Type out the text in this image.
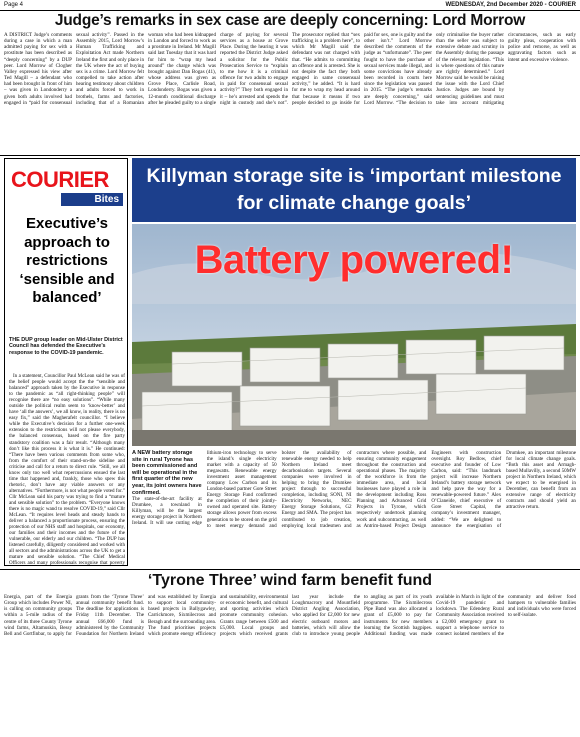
Page 4	WEDNESDAY, 2nd December 2020 - COURIER
Judge’s remarks in sex case are deeply concerning: Lord Morrow

A DISTRICT Judge’s comments during a case in which a man admitted paying for sex with a prostitute has been described as “deeply concerning” by a DUP peer. Lord Morrow of Clogher Valley expressed his view after Ted Magill – a defendant who had been brought in front of him – was given in Londonderry a given both adults involved had engaged in “paid for consensual sexual activity”. Passed in the Assembly 2015, Lord Morrow’s Human Trafficking and Exploitation Act made Northern Ireland the first and only place in the UK where the act of buying sex is a crime. Lord Morrow felt compelled to take action after hearing testimony about children and adults forced to work in brothels, farms and factories, including that of a Romanian woman who had been kidnapped in London and forced to work as a prostitute in Ireland. Mr Magill said last Tuesday that it was hard for him to “wrap my head around” the charge which was brought against Dan Bogas (41), whose address was given as Grove Place, Carlisle Road, Londonderry. Bogas was given a 12-month conditional discharge after he pleaded guilty to a single charge of paying for several services as a house at Grove Place. During the hearing it was reported the District Judge asked a solicitor for the Public Prosecution Service to “explain to me how it is a criminal offence for two adults to engage in paid for consensual sexual activity?” They both engaged in it – he’s arrested and spends the night in custody and she’s not”. The prosecutor replied that “sex trafficking is a problem here”, to which Mr Magill said the defendant was not charged with that. “He admits to committing an offence and is arrested. She is not despite the fact they both engaged in same consensual activity,” he added. “It is hard for me to wrap my head around that because it means if two people decided to go inside for paid for sex, one is guilty and the other isn’t.” Lord Morrow described the comments of the judge as “unfortunate”. The peer fought to have the purchase of sexual services made illegal, and some convictions have already been recorded in courts here since the legislation was passed in 2015. “The judge’s remarks are deeply concerning,” said Lord Morrow. “The decision to only criminalise the buyer rather than the seller was subject to extensive debate and scrutiny in the Assembly during the passage of the relevant legislation. “This is where questions of this nature are rightly determined.” Lord Morrow said he would be raising the issue with the Lord Chief Justice. Judges are bound by sentencing guidelines and must take into account mitigating circumstances, such as early guilty pleas, cooperation with police and remorse, as well as aggravating factors such as intent and excessive violence.

COURIER
Bites
Executive’s approach to restrictions ‘sensible and balanced’
THE DUP group leader on Mid-Ulster District Council has defended the Executive’s response to the COVID-19 pandemic.

In a statement, Councillor Paul McLean said he was of the belief people would accept the the “sensible and balanced” approach taken by the Executive in response to the pandemic as “all right-thinking people” will recognise there are “no easy solutions”. “While many outside the political realm seem to ‘know-better’ and have ‘all the answers’, we all know, in reality, there is no easy fix,” said the Magherafelt councillor. “I believe while the Executive’s decision for a further one-week extension to the restrictions will not please everybody, the balanced consensus, based on the fire party standstory coalition was a fair result. “Although many don’t like this process it is what it is.” He continued: “There have been various comments from some who, from the comfort of their stand-on-the sideline and criticise and call for a return to direct rule. “Still, we all know only too well what repercussions ensued the last time that happened and, frankly, those who spew this rhetoric, don’t have any viable answers or any alternatives. “Furthermore, is not what people voted for.” Cllr McLean said his party was trying to find a “mature and sensible solution” to the problem. “Everyone knows there is no magic wand to resolve COVID-19,” said Cllr McLean. “It requires level heads and steady hands to deliver a balanced a proportionate process, ensuring the protection of our NHS staff and hospitals, our economy, our families and their incomes and the future of the vulnerable, our elderly and our children. “The DUP has listened carefully, diligently considered and worked with all sectors and the administrations across the UK to get a mature and sensible solution. “The Chief Medical Officers and many professionals recognise that poverty

Killyman storage site is ‘important milestone for climate change goals’
Battery powered!

A NEW battery storage site in rural Tyrone has been commissioned and will be operational in the first quarter of the new year, its joint owners have confirmed.

The state-of-the-art facility at Drumkee, a townland in Killyman, will be the largest energy storage project in Northern Ireland. It will use cutting edge lithium-iron technology to serve the island’s single electricity market with a capacity of 50 megawatts. Renewable energy investment asset management company Low Carbon and its London-based partner Gore Street Energy Storage Fund confirmed the completion of their jointly-owned and operated site. Battery storage allows power from excess generation to be stored on the grid to meet energy demand and bolster the availability of renewable energy needed to help Northern Ireland meet decarbonisation targets. Several companies were involved in helping to bring the Drumkee project through to successful completion, including SONI, NI Electricity Networks, NEC Energy Storage Solutions, G2 Energy and SMA. The project has contributed to job creation, employing local tradesmen and contractors where possible, and ensuring community engagement throughout the construction and operational phases. The majority of the workforce is from the immediate area, and local businesses have played a role in the development including Ross Planning and Advanced Grid Projects in Tyrone, which respectively undertook planning work and subcontracting, as well as Antrim-based Project Design Engineers with construction oversight. Roy Bedlow, chief executive and founder of Low Carbon, said: “This landmark project will increase Northern Ireland’s battery storage network and help pave the way for a renewable-powered future.” Alex O’Cianeide, chief executive of Gore Street Capital, the company’s investment manager, added: “We are delighted to announce the energisation of Drumkee, an important milestone for local climate change goals. “Both this asset and Armagh-based Mullavilly, a second 50MW project in Northern Ireland, which we expect to be energised in December, can benefit from an extensive range of electricity contracts and should yield an attractive return.

‘Tyrone Three’ wind farm benefit fund

Energia, part of the Energia Group which includes Power NI, is calling on community groups within a 5-mile radius of the centre of its three County Tyrone wind farms, Altamuskin, Bessy Bell and Gortfinbar, to apply for grants from the ‘Tyrone Three’ annual community benefit fund. The deadline for applications is Friday 11th December. The annual £66,000 fund is administered by the Community Foundation for Northern Ireland and was established by Energia to support local community-based projects in Ballygawley, Carrickmore, Sixmilecross and Beragh and the surrounding area. The fund prioritises projects which promote energy efficiency and sustainability, environmental or economic benefit, and cultural and sporting activities which promote community cohesion. Grants range between £500 and £5,000. Local groups and projects which received grants last year include the Loughmacrory and Mountfield District Angling Association, who applied for £2,000 for new electric outboard motors and batteries, which will allow the club to introduce young people to angling as part of its youth programme. The Sixmilecross Pipe Band was also allocated a grant of £5,000 to pay for instruments for new members learning the Scottish bagpipes. Additional funding was made available in March in light of the Covid-19 pandemic and lockdown. The Edendeny Rural Community Association received a £2,000 emergency grant to support a telephone service to connect isolated members of the community and deliver food hampers to vulnerable families and individuals who were forced to self-isolate.
